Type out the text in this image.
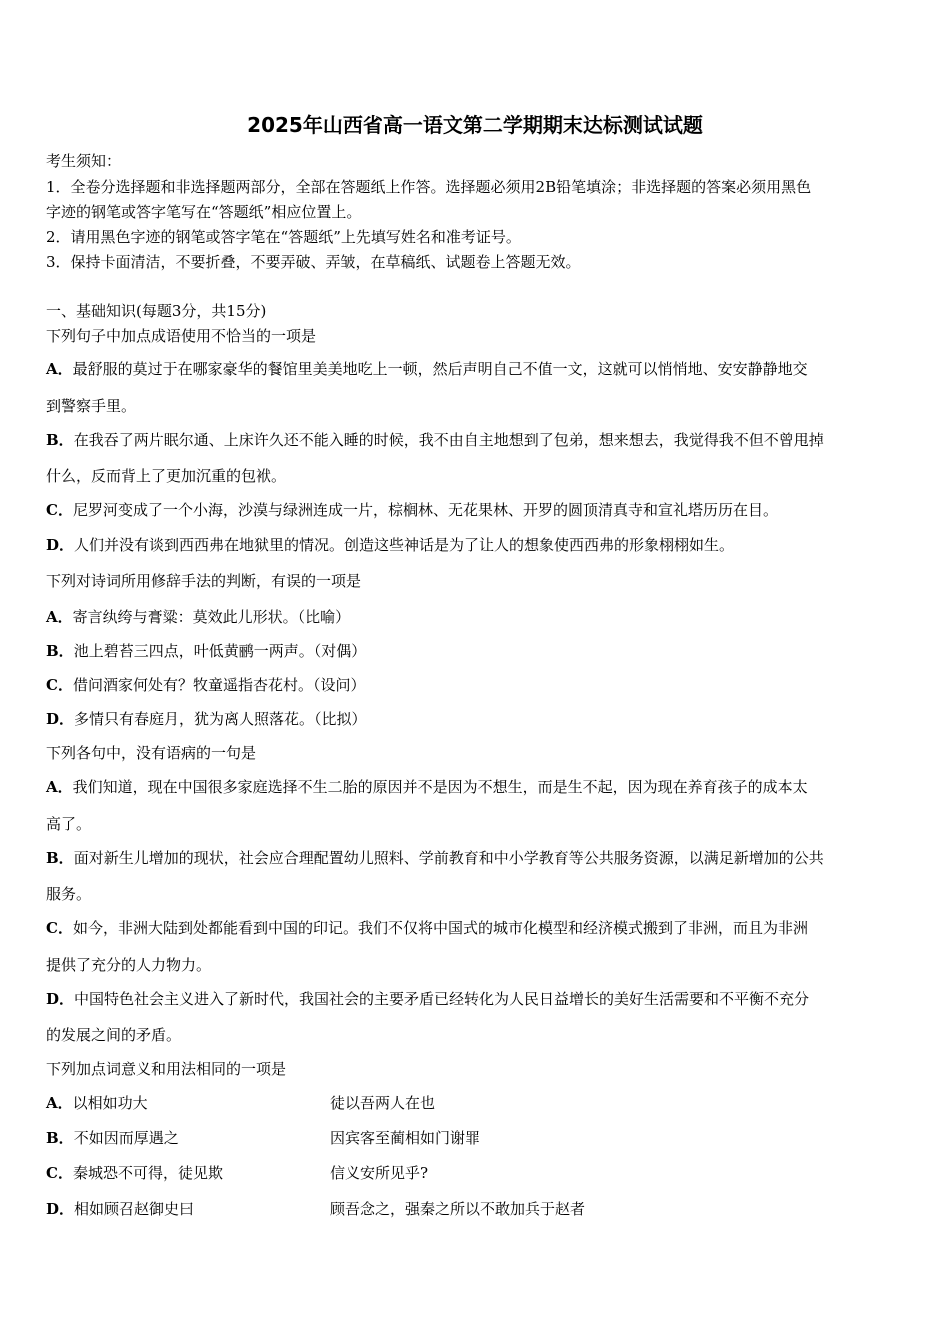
2025年山西省高一语文第二学期期末达标测试试题
考生须知：
1．全卷分选择题和非选择题两部分，全部在答题纸上作答。选择题必须用2B铅笔填涂；非选择题的答案必须用黑色
字迹的钢笔或答字笔写在“答题纸”相应位置上。
2．请用黑色字迹的钢笔或答字笔在“答题纸”上先填写姓名和准考证号。
3．保持卡面清洁，不要折叠，不要弄破、弄皱，在草稿纸、试题卷上答题无效。
一、基础知识(每题3分，共15分)
下列句子中加点成语使用不恰当的一项是
A．最舒服的莫过于在哪家豪华的餐馆里美美地吃上一顿，然后声明自己不值一文，这就可以悄悄地、安安静静地交
到警察手里。
B．在我吞了两片眠尔通、上床许久还不能入睡的时候，我不由自主地想到了包弟，想来想去，我觉得我不但不曾甩掉
什么，反而背上了更加沉重的包袱。
C．尼罗河变成了一个小海，沙漠与绿洲连成一片，棕榈林、无花果林、开罗的圆顶清真寺和宣礼塔历历在目。
D．人们并没有谈到西西弗在地狱里的情况。创造这些神话是为了让人的想象使西西弗的形象栩栩如生。
下列对诗词所用修辞手法的判断，有误的一项是
A．寄言纨绔与膏粱：莫效此儿形状。（比喻）
B．池上碧苔三四点，叶低黄鹂一两声。（对偶）
C．借问酒家何处有？牧童遥指杏花村。（设问）
D．多情只有春庭月，犹为离人照落花。（比拟）
下列各句中，没有语病的一句是
A．我们知道，现在中国很多家庭选择不生二胎的原因并不是因为不想生，而是生不起，因为现在养育孩子的成本太
高了。
B．面对新生儿增加的现状，社会应合理配置幼儿照料、学前教育和中小学教育等公共服务资源，以满足新增加的公共
服务。
C．如今，非洲大陆到处都能看到中国的印记。我们不仅将中国式的城市化模型和经济模式搬到了非洲，而且为非洲
提供了充分的人力物力。
D．中国特色社会主义进入了新时代，我国社会的主要矛盾已经转化为人民日益增长的美好生活需要和不平衡不充分
的发展之间的矛盾。
下列加点词意义和用法相同的一项是
A．以相如功大	徒以吾两人在也
B．不如因而厚遇之	因宾客至蔺相如门谢罪
C．秦城恐不可得，徒见欺	信义安所见乎?
D．相如顾召赵御史曰	顾吾念之，强秦之所以不敢加兵于赵者
